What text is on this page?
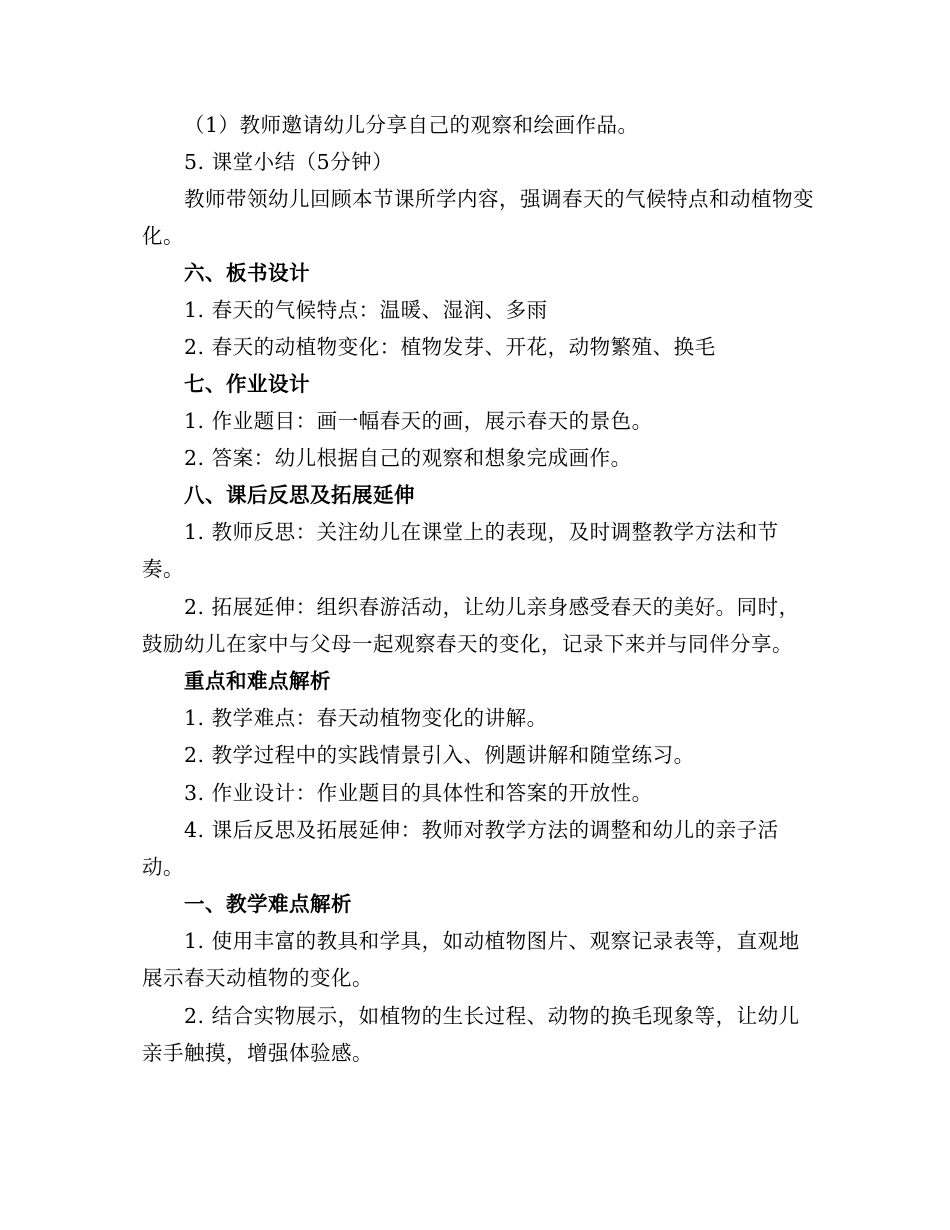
（1）教师邀请幼儿分享自己的观察和绘画作品。
5. 课堂小结（5分钟）
教师带领幼儿回顾本节课所学内容，强调春天的气候特点和动植物变化。
六、板书设计
1. 春天的气候特点：温暖、湿润、多雨
2. 春天的动植物变化：植物发芽、开花，动物繁殖、换毛
七、作业设计
1. 作业题目：画一幅春天的画，展示春天的景色。
2. 答案：幼儿根据自己的观察和想象完成画作。
八、课后反思及拓展延伸
1. 教师反思：关注幼儿在课堂上的表现，及时调整教学方法和节奏。
2. 拓展延伸：组织春游活动，让幼儿亲身感受春天的美好。同时，鼓励幼儿在家中与父母一起观察春天的变化，记录下来并与同伴分享。
重点和难点解析
1. 教学难点：春天动植物变化的讲解。
2. 教学过程中的实践情景引入、例题讲解和随堂练习。
3. 作业设计：作业题目的具体性和答案的开放性。
4. 课后反思及拓展延伸：教师对教学方法的调整和幼儿的亲子活动。
一、教学难点解析
1. 使用丰富的教具和学具，如动植物图片、观察记录表等，直观地展示春天动植物的变化。
2. 结合实物展示，如植物的生长过程、动物的换毛现象等，让幼儿亲手触摸，增强体验感。
